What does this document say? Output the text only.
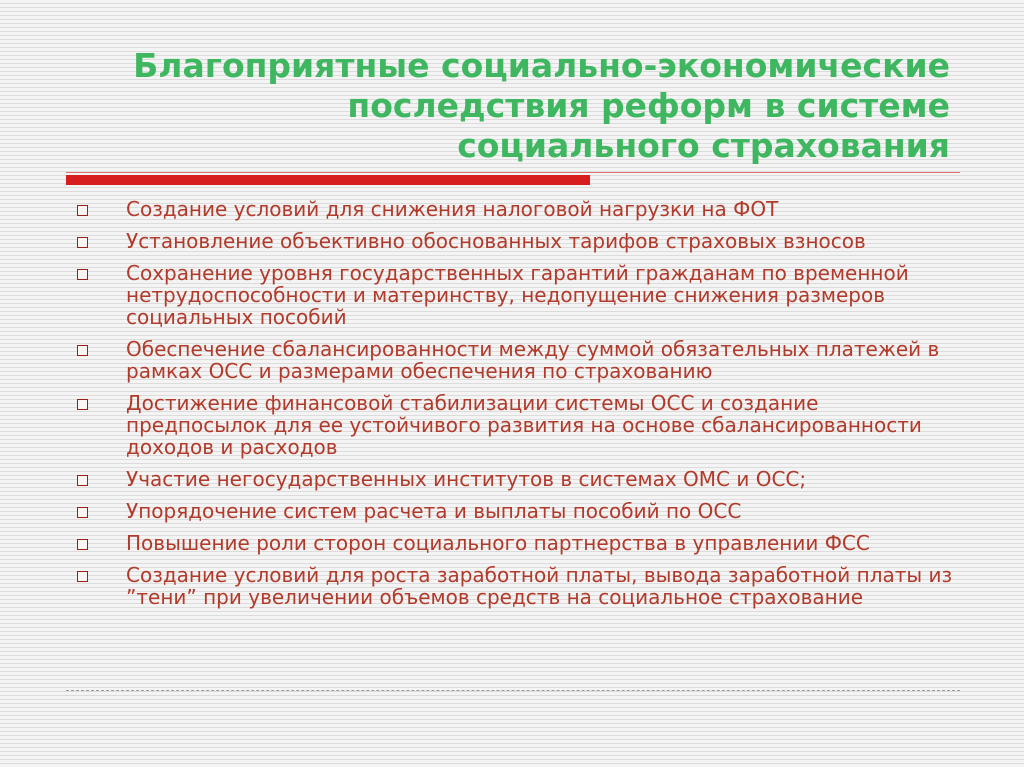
Благоприятные социально-экономические
последствия реформ в системе
социального страхования
Создание условий для снижения налоговой нагрузки на ФОТ
Установление объективно обоснованных тарифов страховых взносов
Сохранение уровня государственных гарантий гражданам по временной нетрудоспособности и материнству, недопущение снижения размеров социальных пособий
Обеспечение сбалансированности между суммой обязательных платежей в рамках ОСС и размерами обеспечения по страхованию
Достижение финансовой стабилизации системы ОСС и создание предпосылок для ее устойчивого развития на основе сбалансированности доходов и расходов
Участие негосударственных институтов в системах ОМС и ОСС;
Упорядочение систем расчета и выплаты пособий по ОСС
Повышение роли сторон социального партнерства в управлении ФСС
Создание условий для роста заработной платы, вывода заработной платы из ”тени” при увеличении объемов средств на социальное страхование
